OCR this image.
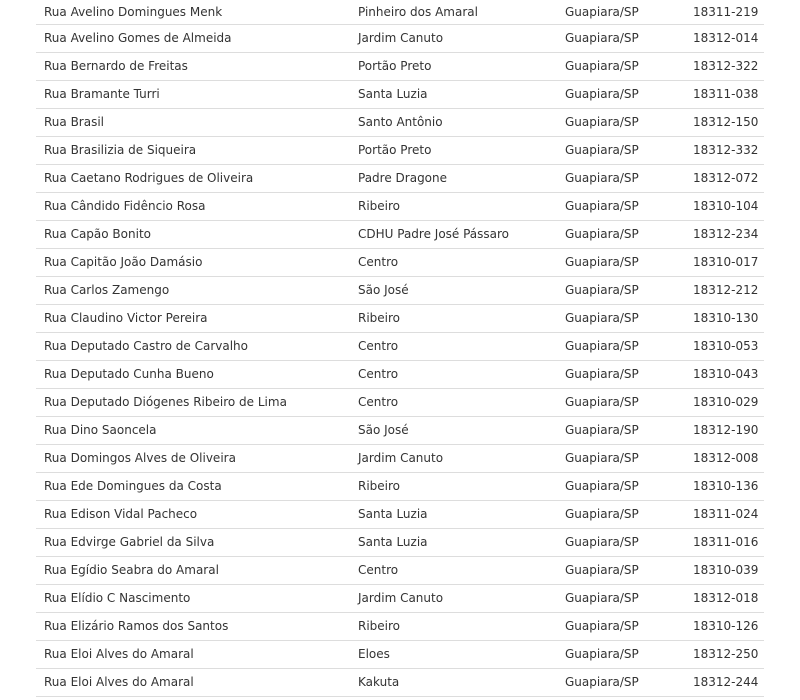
Rua Avelino Domingues Menk	Pinheiro dos Amaral	Guapiara/SP	18311-219
Rua Avelino Gomes de Almeida	Jardim Canuto	Guapiara/SP	18312-014
Rua Bernardo de Freitas	Portão Preto	Guapiara/SP	18312-322
Rua Bramante Turri	Santa Luzia	Guapiara/SP	18311-038
Rua Brasil	Santo Antônio	Guapiara/SP	18312-150
Rua Brasilizia de Siqueira	Portão Preto	Guapiara/SP	18312-332
Rua Caetano Rodrigues de Oliveira	Padre Dragone	Guapiara/SP	18312-072
Rua Cândido Fidêncio Rosa	Ribeiro	Guapiara/SP	18310-104
Rua Capão Bonito	CDHU Padre José Pássaro	Guapiara/SP	18312-234
Rua Capitão João Damásio	Centro	Guapiara/SP	18310-017
Rua Carlos Zamengo	São José	Guapiara/SP	18312-212
Rua Claudino Victor Pereira	Ribeiro	Guapiara/SP	18310-130
Rua Deputado Castro de Carvalho	Centro	Guapiara/SP	18310-053
Rua Deputado Cunha Bueno	Centro	Guapiara/SP	18310-043
Rua Deputado Diógenes Ribeiro de Lima	Centro	Guapiara/SP	18310-029
Rua Dino Saoncela	São José	Guapiara/SP	18312-190
Rua Domingos Alves de Oliveira	Jardim Canuto	Guapiara/SP	18312-008
Rua Ede Domingues da Costa	Ribeiro	Guapiara/SP	18310-136
Rua Edison Vidal Pacheco	Santa Luzia	Guapiara/SP	18311-024
Rua Edvirge Gabriel da Silva	Santa Luzia	Guapiara/SP	18311-016
Rua Egídio Seabra do Amaral	Centro	Guapiara/SP	18310-039
Rua Elídio C Nascimento	Jardim Canuto	Guapiara/SP	18312-018
Rua Elizário Ramos dos Santos	Ribeiro	Guapiara/SP	18310-126
Rua Eloi Alves do Amaral	Eloes	Guapiara/SP	18312-250
Rua Eloi Alves do Amaral	Kakuta	Guapiara/SP	18312-244
